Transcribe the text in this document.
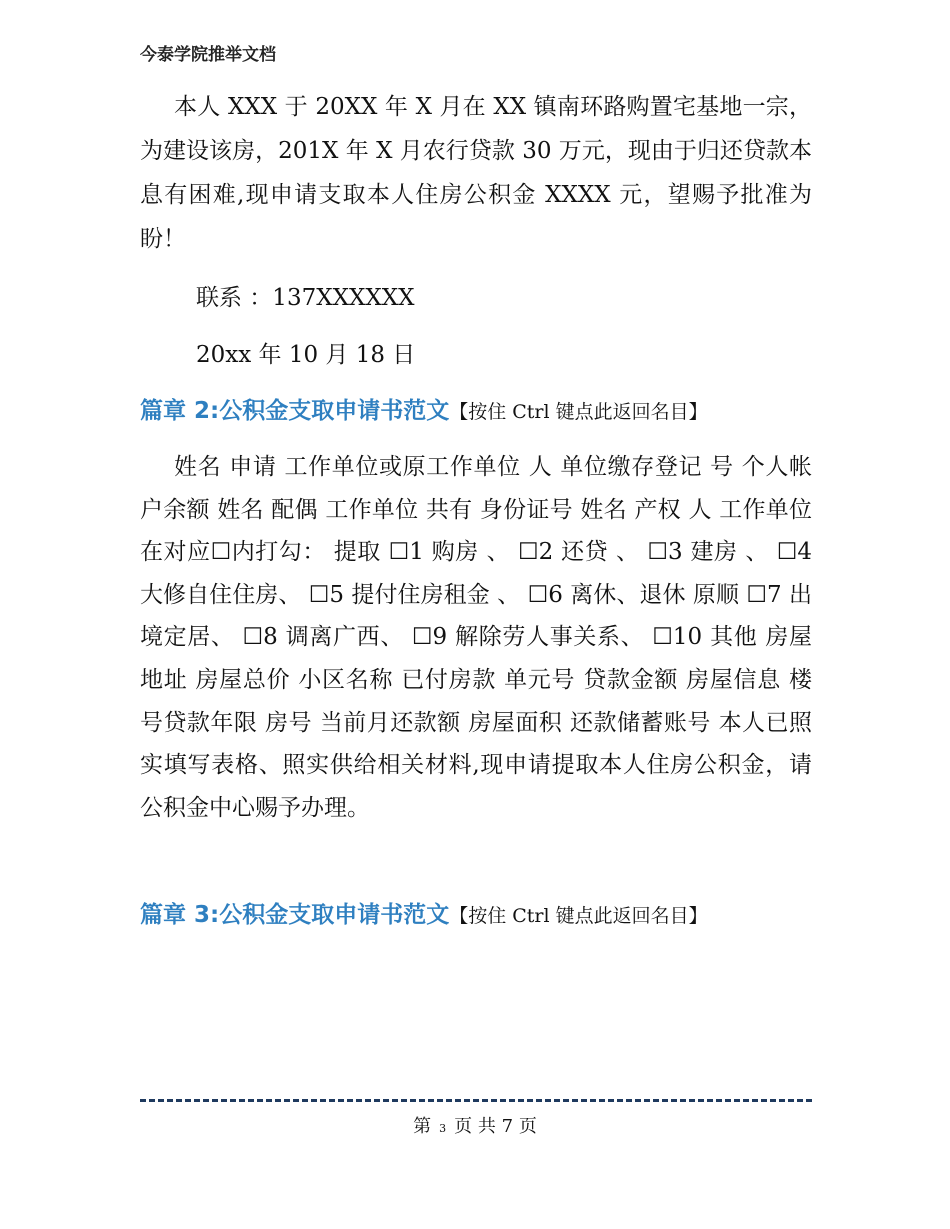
今泰学院推举文档

本人 XXX 于 20XX 年 X 月在 XX 镇南环路购置宅基地一宗，为建设该房，201X 年 X 月农行贷款 30 万元，现由于归还贷款本息有困难,现申请支取本人住房公积金 XXXX 元，望赐予批准为盼！

联系 ：137XXXXXX
20xx 年 10 月 18 日
篇章 2:公积金支取申请书范文【按住 Ctrl 键点此返回名目】

姓名 申请 工作单位或原工作单位 人 单位缴存登记 号 个人帐户余额 姓名 配偶 工作单位 共有 身份证号 姓名 产权 人 工作单位 在对应☐内打勾： 提取 ☐1 购房 、 ☐2 还贷 、 ☐3 建房 、 ☐4 大修自住住房、 ☐5 提付住房租金 、 ☐6 离休、退休 原顺 ☐7 出境定居、 ☐8 调离广西、 ☐9 解除劳人事关系、 ☐10 其他 房屋地址 房屋总价 小区名称 已付房款 单元号 贷款金额 房屋信息 楼号贷款年限 房号 当前月还款额 房屋面积 还款储蓄账号 本人已照实填写表格、照实供给相关材料,现申请提取本人住房公积金，请公积金中心赐予办理。

篇章 3:公积金支取申请书范文【按住 Ctrl 键点此返回名目】
第 3 页 共 7 页
